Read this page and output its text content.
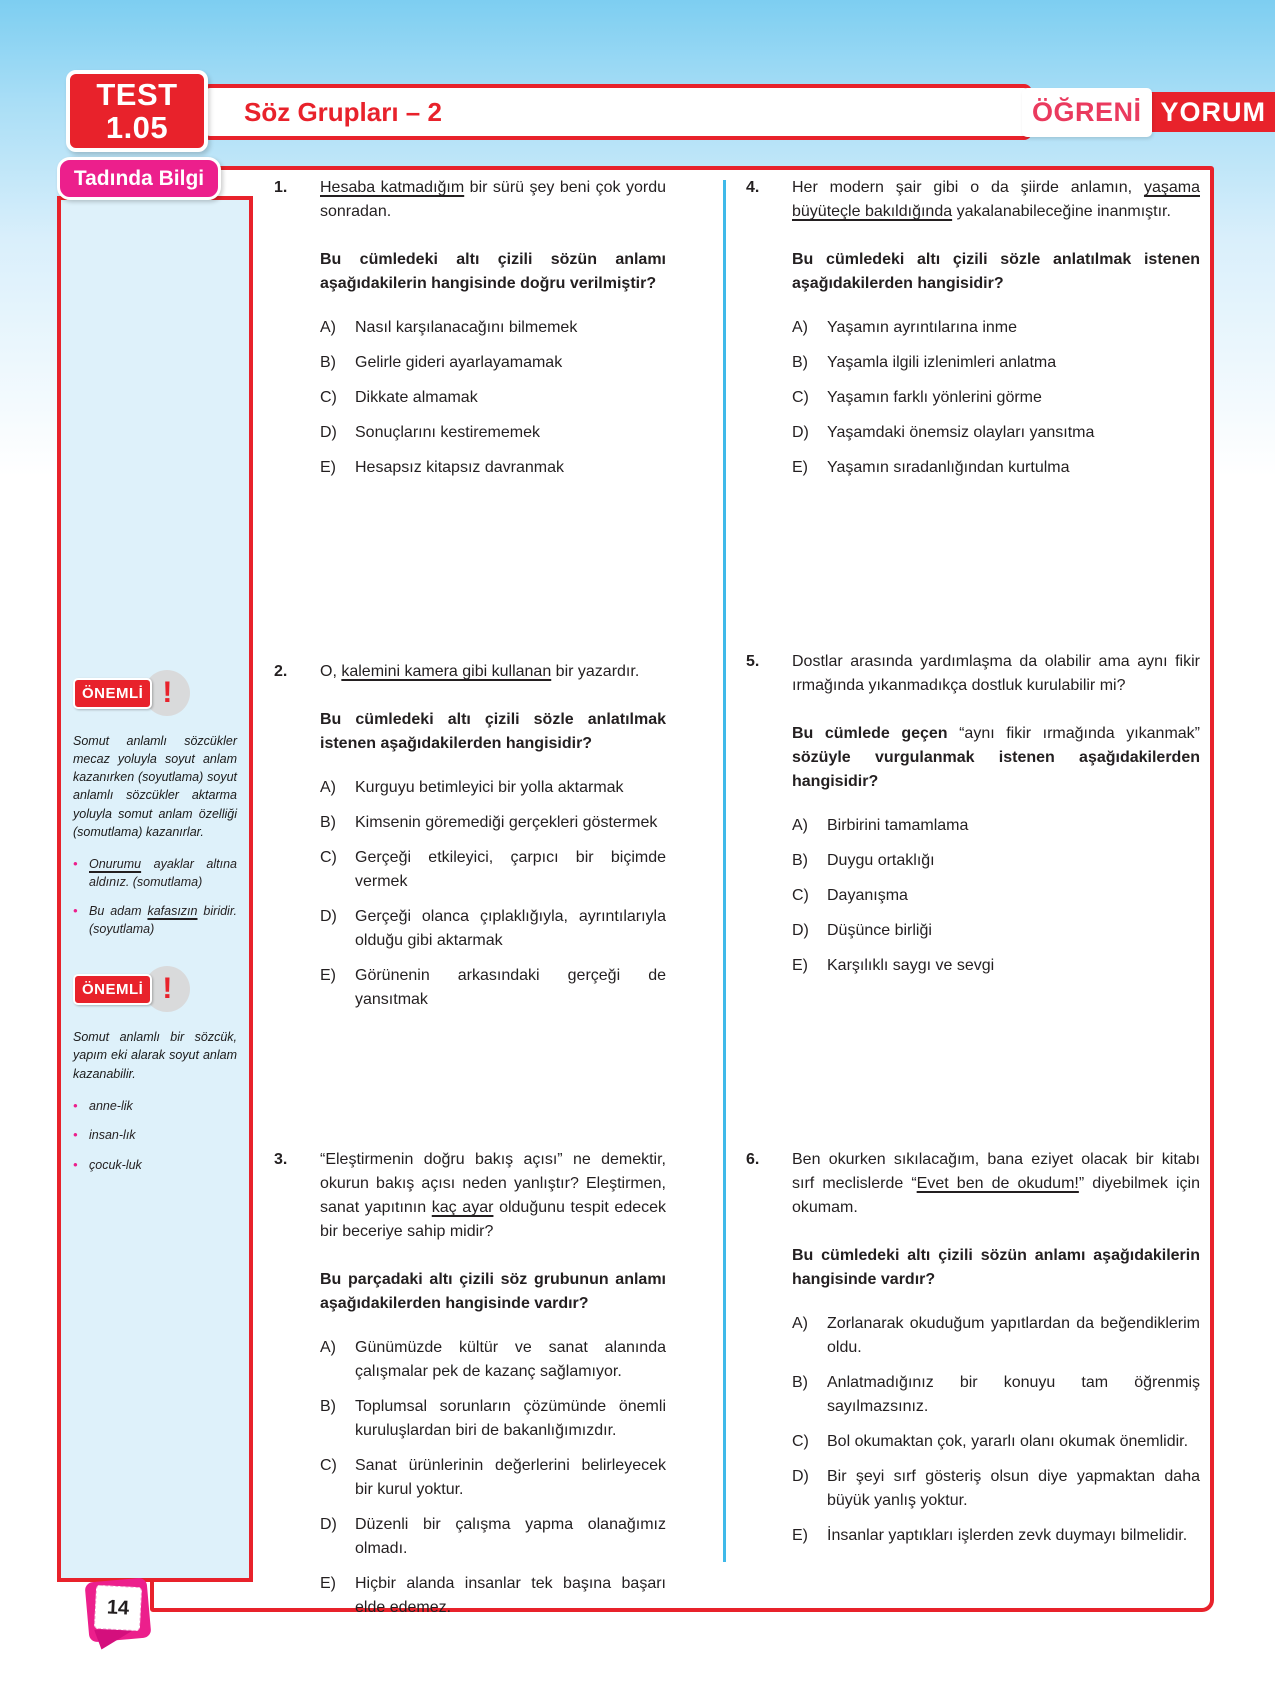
TEST
1.05	Söz Grupları – 2	ÖĞRENİ YORUM
Tadında Bilgi
ÖNEMLİ !

Somut anlamlı sözcükler mecaz yoluyla soyut anlam kazanırken (soyutlama) soyut anlamlı sözcükler aktarma yoluyla somut anlam özelliği (somutlama) kazanırlar.

• Onurumu ayaklar altına aldınız. (somutlama)
• Bu adam kafasızın biridir. (soyutlama)
ÖNEMLİ !

Somut anlamlı bir sözcük, yapım eki alarak soyut anlam kazanabilir.

• anne-lik
• insan-lık
• çocuk-luk
1.	Hesaba katmadığım bir sürü şey beni çok yordu sonradan.

Bu cümledeki altı çizili sözün anlamı aşağıdakilerin hangisinde doğru verilmiştir?

A)	Nasıl karşılanacağını bilmemek
B)	Gelirle gideri ayarlayamamak
C)	Dikkate almamak
D)	Sonuçlarını kestirememek
E)	Hesapsız kitapsız davranmak
2.	O, kalemini kamera gibi kullanan bir yazardır.

Bu cümledeki altı çizili sözle anlatılmak istenen aşağıdakilerden hangisidir?

A)	Kurguyu betimleyici bir yolla aktarmak
B)	Kimsenin göremediği gerçekleri göstermek
C)	Gerçeği etkileyici, çarpıcı bir biçimde vermek
D)	Gerçeği olanca çıplaklığıyla, ayrıntılarıyla olduğu gibi aktarmak
E)	Görünenin arkasındaki gerçeği de yansıtmak
3.	“Eleştirmenin doğru bakış açısı” ne demektir, okurun bakış açısı neden yanlıştır? Eleştirmen, sanat yapıtının kaç ayar olduğunu tespit edecek bir beceriye sahip midir?

Bu parçadaki altı çizili söz grubunun anlamı aşağıdakilerden hangisinde vardır?

A)	Günümüzde kültür ve sanat alanında çalışmalar pek de kazanç sağlamıyor.
B)	Toplumsal sorunların çözümünde önemli kuruluşlardan biri de bakanlığımızdır.
C)	Sanat ürünlerinin değerlerini belirleyecek bir kurul yoktur.
D)	Düzenli bir çalışma yapma olanağımız olmadı.
E)	Hiçbir alanda insanlar tek başına başarı elde edemez.
4.	Her modern şair gibi o da şiirde anlamın, yaşama büyüteçle bakıldığında yakalanabileceğine inanmıştır.

Bu cümledeki altı çizili sözle anlatılmak istenen aşağıdakilerden hangisidir?

A)	Yaşamın ayrıntılarına inme
B)	Yaşamla ilgili izlenimleri anlatma
C)	Yaşamın farklı yönlerini görme
D)	Yaşamdaki önemsiz olayları yansıtma
E)	Yaşamın sıradanlığından kurtulma
5.	Dostlar arasında yardımlaşma da olabilir ama aynı fikir ırmağında yıkanmadıkça dostluk kurulabilir mi?

Bu cümlede geçen “aynı fikir ırmağında yıkanmak” sözüyle vurgulanmak istenen aşağıdakilerden hangisidir?

A)	Birbirini tamamlama
B)	Duygu ortaklığı
C)	Dayanışma
D)	Düşünce birliği
E)	Karşılıklı saygı ve sevgi
6.	Ben okurken sıkılacağım, bana eziyet olacak bir kitabı sırf meclislerde “Evet ben de okudum!” diyebilmek için okumam.

Bu cümledeki altı çizili sözün anlamı aşağıdakilerin hangisinde vardır?

A)	Zorlanarak okuduğum yapıtlardan da beğendiklerim oldu.
B)	Anlatmadığınız bir konuyu tam öğrenmiş sayılmazsınız.
C)	Bol okumaktan çok, yararlı olanı okumak önemlidir.
D)	Bir şeyi sırf gösteriş olsun diye yapmaktan daha büyük yanlış yoktur.
E)	İnsanlar yaptıkları işlerden zevk duymayı bilmelidir.
14
